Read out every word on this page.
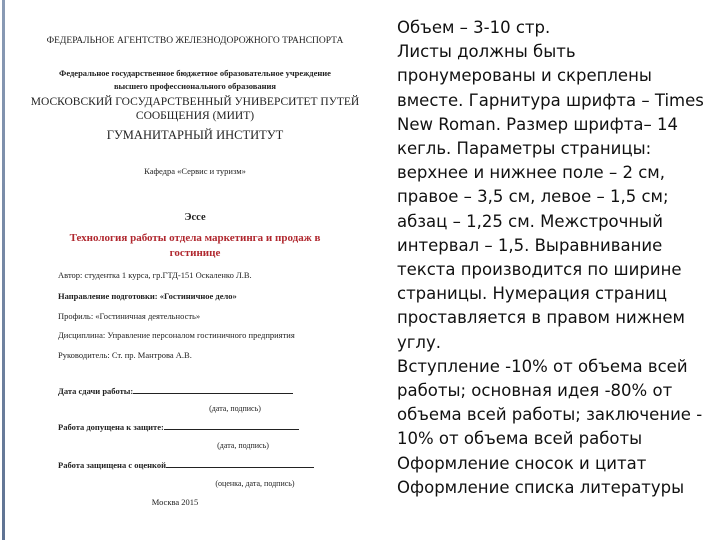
ФЕДЕРАЛЬНОЕ АГЕНТСТВО ЖЕЛЕЗНОДОРОЖНОГО ТРАНСПОРТА
Федеральное государственное бюджетное образовательное учреждение
высшего профессионального образования
МОСКОВСКИЙ ГОСУДАРСТВЕННЫЙ УНИВЕРСИТЕТ ПУТЕЙ
СООБЩЕНИЯ (МИИТ)
ГУМАНИТАРНЫЙ ИНСТИТУТ
Кафедра «Сервис и туризм»
Эссе
Технология работы отдела маркетинга и продаж в
гостинице
Автор: студентка 1 курса, гр.ГТД-151 Оскаленко Л.В.
Направление подготовки: «Гостиничное дело»
Профиль: «Гостиничная деятельность»
Дисциплина: Управление персоналом гостиничного предприятия
Руководитель: Ст. пр. Мантрова А.В.
Дата сдачи работы:
(дата, подпись)
Работа допущена к защите:
(дата, подпись)
Работа защищена с оценкой
(оценка, дата, подпись)
Москва 2015
Объем – 3-10 стр.
Листы должны быть
пронумерованы и скреплены
вместе. Гарнитура шрифта – Times
New Roman. Размер шрифта– 14
кегль. Параметры страницы:
верхнее и нижнее поле – 2 см,
правое – 3,5 см, левое – 1,5 см;
абзац – 1,25 см. Межстрочный
интервал – 1,5. Выравнивание
текста производится по ширине
страницы. Нумерация страниц
проставляется в правом нижнем
углу.
Вступление -10% от объема всей
работы; основная идея -80% от
объема всей работы; заключение -
10% от объема всей работы
Оформление сносок и цитат
Оформление списка литературы
